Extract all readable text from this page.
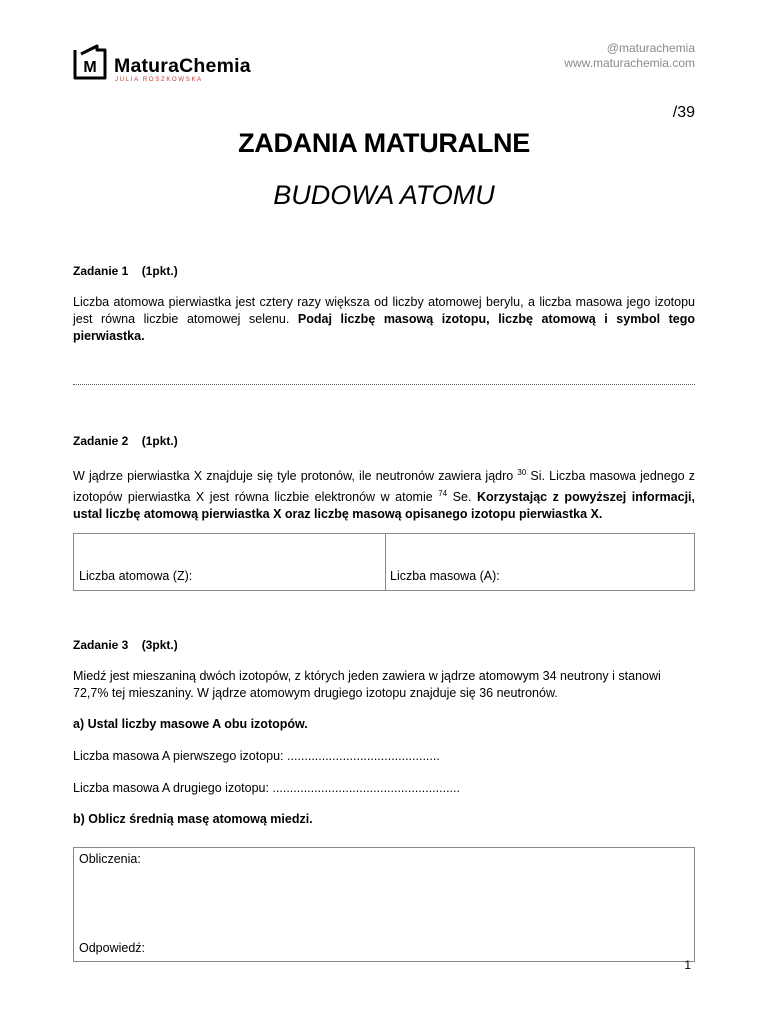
M MaturaChemia
JULIA ROSZKOWSKA
@maturachemia
www.maturachemia.com
/39
ZADANIA MATURALNE
BUDOWA ATOMU
Zadanie 1    (1pkt.)
Liczba atomowa pierwiastka jest cztery razy większa od liczby atomowej berylu, a liczba masowa jego izotopu jest równa liczbie atomowej selenu. Podaj liczbę masową izotopu, liczbę atomową i symbol tego pierwiastka.
Zadanie 2    (1pkt.)
W jądrze pierwiastka X znajduje się tyle protonów, ile neutronów zawiera jądro $^{30}$ Si. Liczba masowa jednego z izotopów pierwiastka X jest równa liczbie elektronów w atomie $^{74}$ Se. Korzystając z powyższej informacji, ustal liczbę atomową pierwiastka X oraz liczbę masową opisanego izotopu pierwiastka X.
Liczba atomowa (Z):	Liczba masowa (A):
Zadanie 3    (3pkt.)
Miedź jest mieszaniną dwóch izotopów, z których jeden zawiera w jądrze atomowym 34 neutrony i stanowi 72,7% tej mieszaniny. W jądrze atomowym drugiego izotopu znajduje się 36 neutronów.
a) Ustal liczby masowe A obu izotopów.
Liczba masowa A pierwszego izotopu: ............................................
Liczba masowa A drugiego izotopu: ......................................................
b) Oblicz średnią masę atomową miedzi.
Obliczenia:
Odpowiedź:
1
